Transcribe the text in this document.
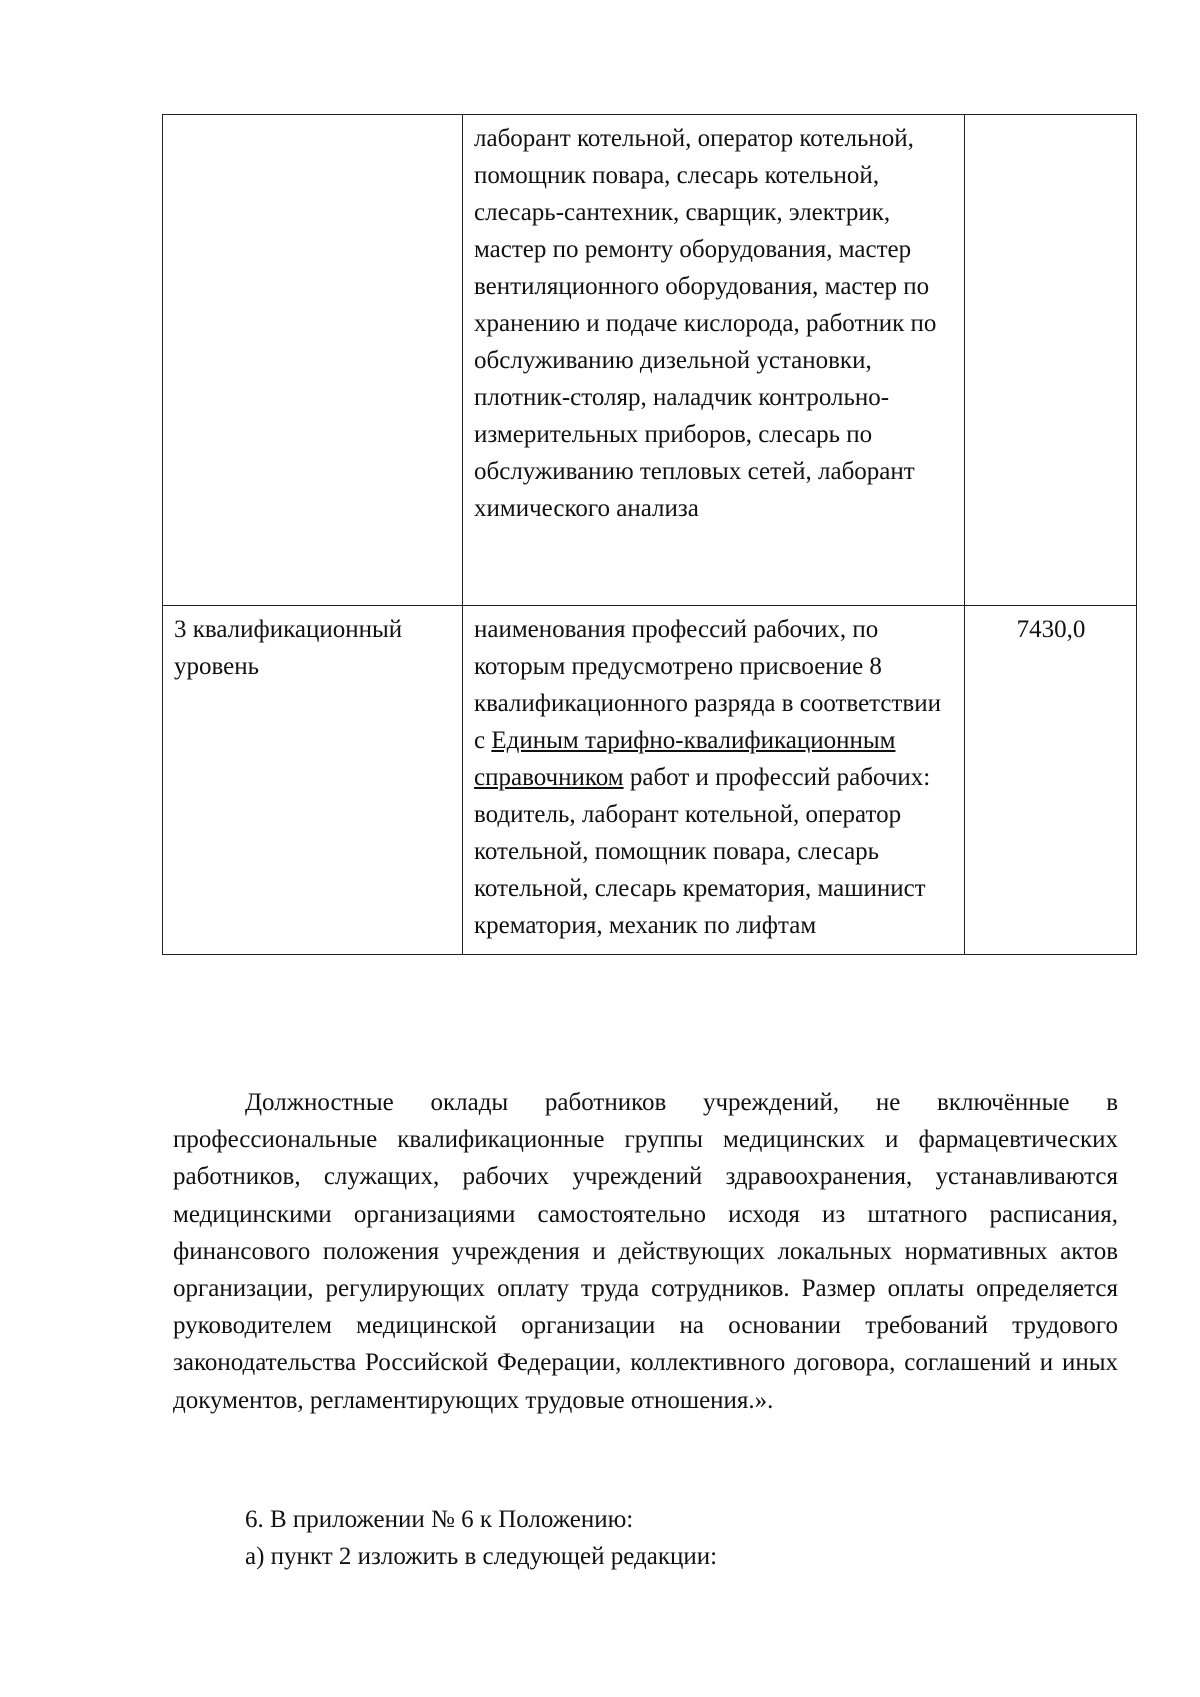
	лаборант котельной, оператор котельной, помощник повара, слесарь котельной, слесарь-сантехник, сварщик, электрик, мастер по ремонту оборудования, мастер вентиляционного оборудования, мастер по хранению и подаче кислорода, работник по обслуживанию дизельной установки, плотник-столяр, наладчик контрольно-измерительных приборов, слесарь по обслуживанию тепловых сетей, лаборант химического анализа	
3 квалификационный уровень	наименования профессий рабочих, по которым предусмотрено присвоение 8 квалификационного разряда в соответствии с Единым тарифно-квалификационным справочником работ и профессий рабочих: водитель, лаборант котельной, оператор котельной, помощник повара, слесарь котельной, слесарь крематория, машинист крематория, механик по лифтам	7430,0

Должностные оклады работников учреждений, не включённые в профессиональные квалификационные группы медицинских и фармацевтических работников, служащих, рабочих учреждений здравоохранения, устанавливаются медицинскими организациями самостоятельно исходя из штатного расписания, финансового положения учреждения и действующих локальных нормативных актов организации, регулирующих оплату труда сотрудников. Размер оплаты определяется руководителем медицинской организации на основании требований трудового законодательства Российской Федерации, коллективного договора, соглашений и иных документов, регламентирующих трудовые отношения.».

6. В приложении № 6 к Положению:

а) пункт 2 изложить в следующей редакции:
